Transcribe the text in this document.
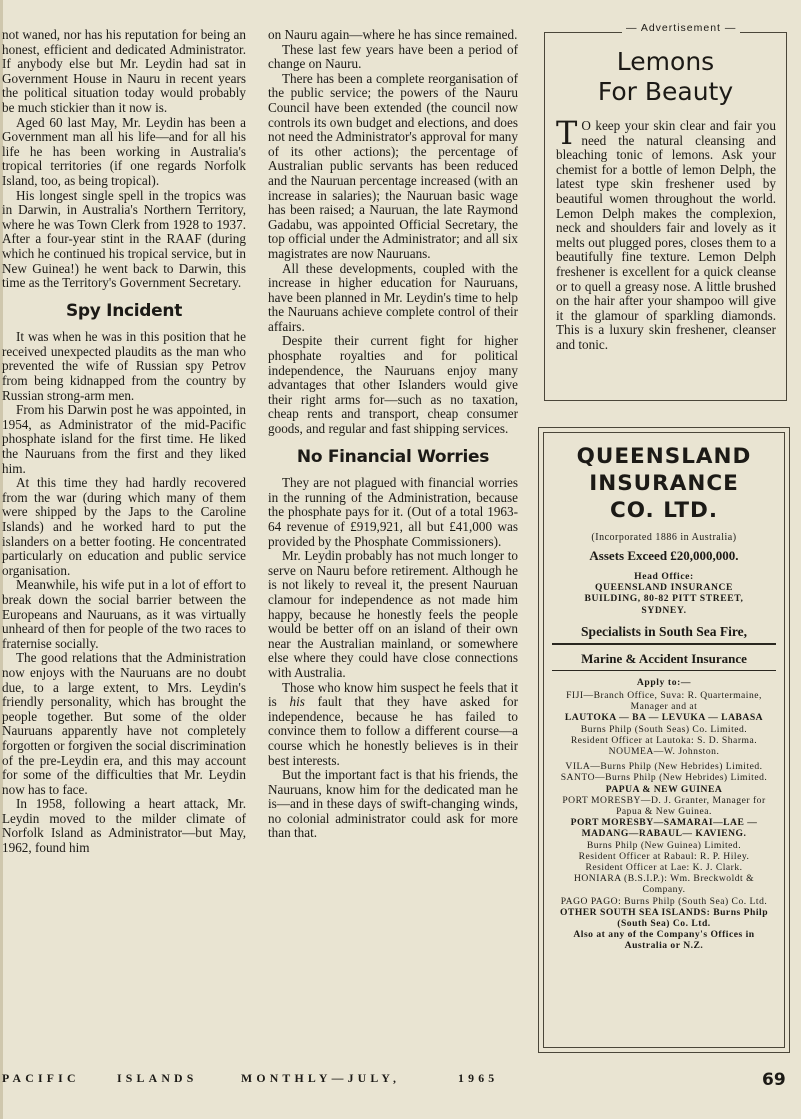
not waned, nor has his reputation for being an honest, efficient and dedicated Administrator. If anybody else but Mr. Leydin had sat in Government House in Nauru in recent years the political situation today would probably be much stickier than it now is.

Aged 60 last May, Mr. Leydin has been a Government man all his life—and for all his life he has been working in Australia's tropical territories (if one regards Norfolk Island, too, as being tropical).

His longest single spell in the tropics was in Darwin, in Australia's Northern Territory, where he was Town Clerk from 1928 to 1937. After a four-year stint in the RAAF (during which he continued his tropical service, but in New Guinea!) he went back to Darwin, this time as the Territory's Government Secretary.

Spy Incident

It was when he was in this position that he received unexpected plaudits as the man who prevented the wife of Russian spy Petrov from being kidnapped from the country by Russian strong-arm men.

From his Darwin post he was appointed, in 1954, as Administrator of the mid-Pacific phosphate island for the first time. He liked the Nauruans from the first and they liked him.

At this time they had hardly recovered from the war (during which many of them were shipped by the Japs to the Caroline Islands) and he worked hard to put the islanders on a better footing. He concentrated particularly on education and public service organisation.

Meanwhile, his wife put in a lot of effort to break down the social barrier between the Europeans and Nauruans, as it was virtually unheard of then for people of the two races to fraternise socially.

The good relations that the Administration now enjoys with the Nauruans are no doubt due, to a large extent, to Mrs. Leydin's friendly personality, which has brought the people together. But some of the older Nauruans apparently have not completely forgotten or forgiven the social discrimination of the pre-Leydin era, and this may account for some of the difficulties that Mr. Leydin now has to face.

In 1958, following a heart attack, Mr. Leydin moved to the milder climate of Norfolk Island as Administrator—but May, 1962, found him

on Nauru again—where he has since remained.

These last few years have been a period of change on Nauru.

There has been a complete reorganisation of the public service; the powers of the Nauru Council have been extended (the council now controls its own budget and elections, and does not need the Administrator's approval for many of its other actions); the percentage of Australian public servants has been reduced and the Nauruan percentage increased (with an increase in salaries); the Nauruan basic wage has been raised; a Nauruan, the late Raymond Gadabu, was appointed Official Secretary, the top official under the Administrator; and all six magistrates are now Nauruans.

All these developments, coupled with the increase in higher education for Nauruans, have been planned in Mr. Leydin's time to help the Nauruans achieve complete control of their affairs.

Despite their current fight for higher phosphate royalties and for political independence, the Nauruans enjoy many advantages that other Islanders would give their right arms for—such as no taxation, cheap rents and transport, cheap consumer goods, and regular and fast shipping services.

No Financial Worries

They are not plagued with financial worries in the running of the Administration, because the phosphate pays for it. (Out of a total 1963-64 revenue of £919,921, all but £41,000 was provided by the Phosphate Commissioners).

Mr. Leydin probably has not much longer to serve on Nauru before retirement. Although he is not likely to reveal it, the present Nauruan clamour for independence as not made him happy, because he honestly feels the people would be better off on an island of their own near the Australian mainland, or somewhere else where they could have close connections with Australia.

Those who know him suspect he feels that it is his fault that they have asked for independence, because he has failed to convince them to follow a different course—a course which he honestly believes is in their best interests.

But the important fact is that his friends, the Nauruans, know him for the dedicated man he is—and in these days of swift-changing winds, no colonial administrator could ask for more than that.

Lemons
For Beauty
T O keep your skin clear and fair you need the natural cleansing and bleaching tonic of lemons. Ask your chemist for a bottle of lemon Delph, the latest type skin freshener used by beautiful women throughout the world. Lemon Delph makes the complexion, neck and shoulders fair and lovely as it melts out plugged pores, closes them to a beautifully fine texture. Lemon Delph freshener is excellent for a quick cleanse or to quell a greasy nose. A little brushed on the hair after your shampoo will give it the glamour of sparkling diamonds. This is a luxury skin freshener, cleanser and tonic.
— Advertisement —
QUEENSLAND
INSURANCE
CO. LTD.
(Incorporated 1886 in Australia)
Assets Exceed £20,000,000.
Head Office:
QUEENSLAND INSURANCE
BUILDING, 80-82 PITT STREET,
SYDNEY.
Specialists in South Sea Fire,
Marine & Accident Insurance
Apply to:—
FIJI—Branch Office, Suva: R. Quartermaine, Manager and at
LAUTOKA — BA — LEVUKA — LABASA
Burns Philp (South Seas) Co. Limited.
Resident Officer at Lautoka: S. D. Sharma.
NOUMEA—W. Johnston.
VILA—Burns Philp (New Hebrides) Limited.
SANTO—Burns Philp (New Hebrides) Limited.
PAPUA & NEW GUINEA
PORT MORESBY—D. J. Granter, Manager for Papua & New Guinea.
PORT MORESBY—SAMARAI—LAE —MADANG—RABAUL— KAVIENG.
Burns Philp (New Guinea) Limited.
Resident Officer at Rabaul: R. P. Hiley.
Resident Officer at Lae: K. J. Clark.
HONIARA (B.S.I.P.): Wm. Breckwoldt & Company.
PAGO PAGO: Burns Philp (South Sea) Co. Ltd.
OTHER SOUTH SEA ISLANDS: Burns Philp (South Sea) Co. Ltd.
Also at any of the Company's Offices in Australia or N.Z.
PACIFIC	ISLANDS	MONTHLY—JULY,	1965	69
